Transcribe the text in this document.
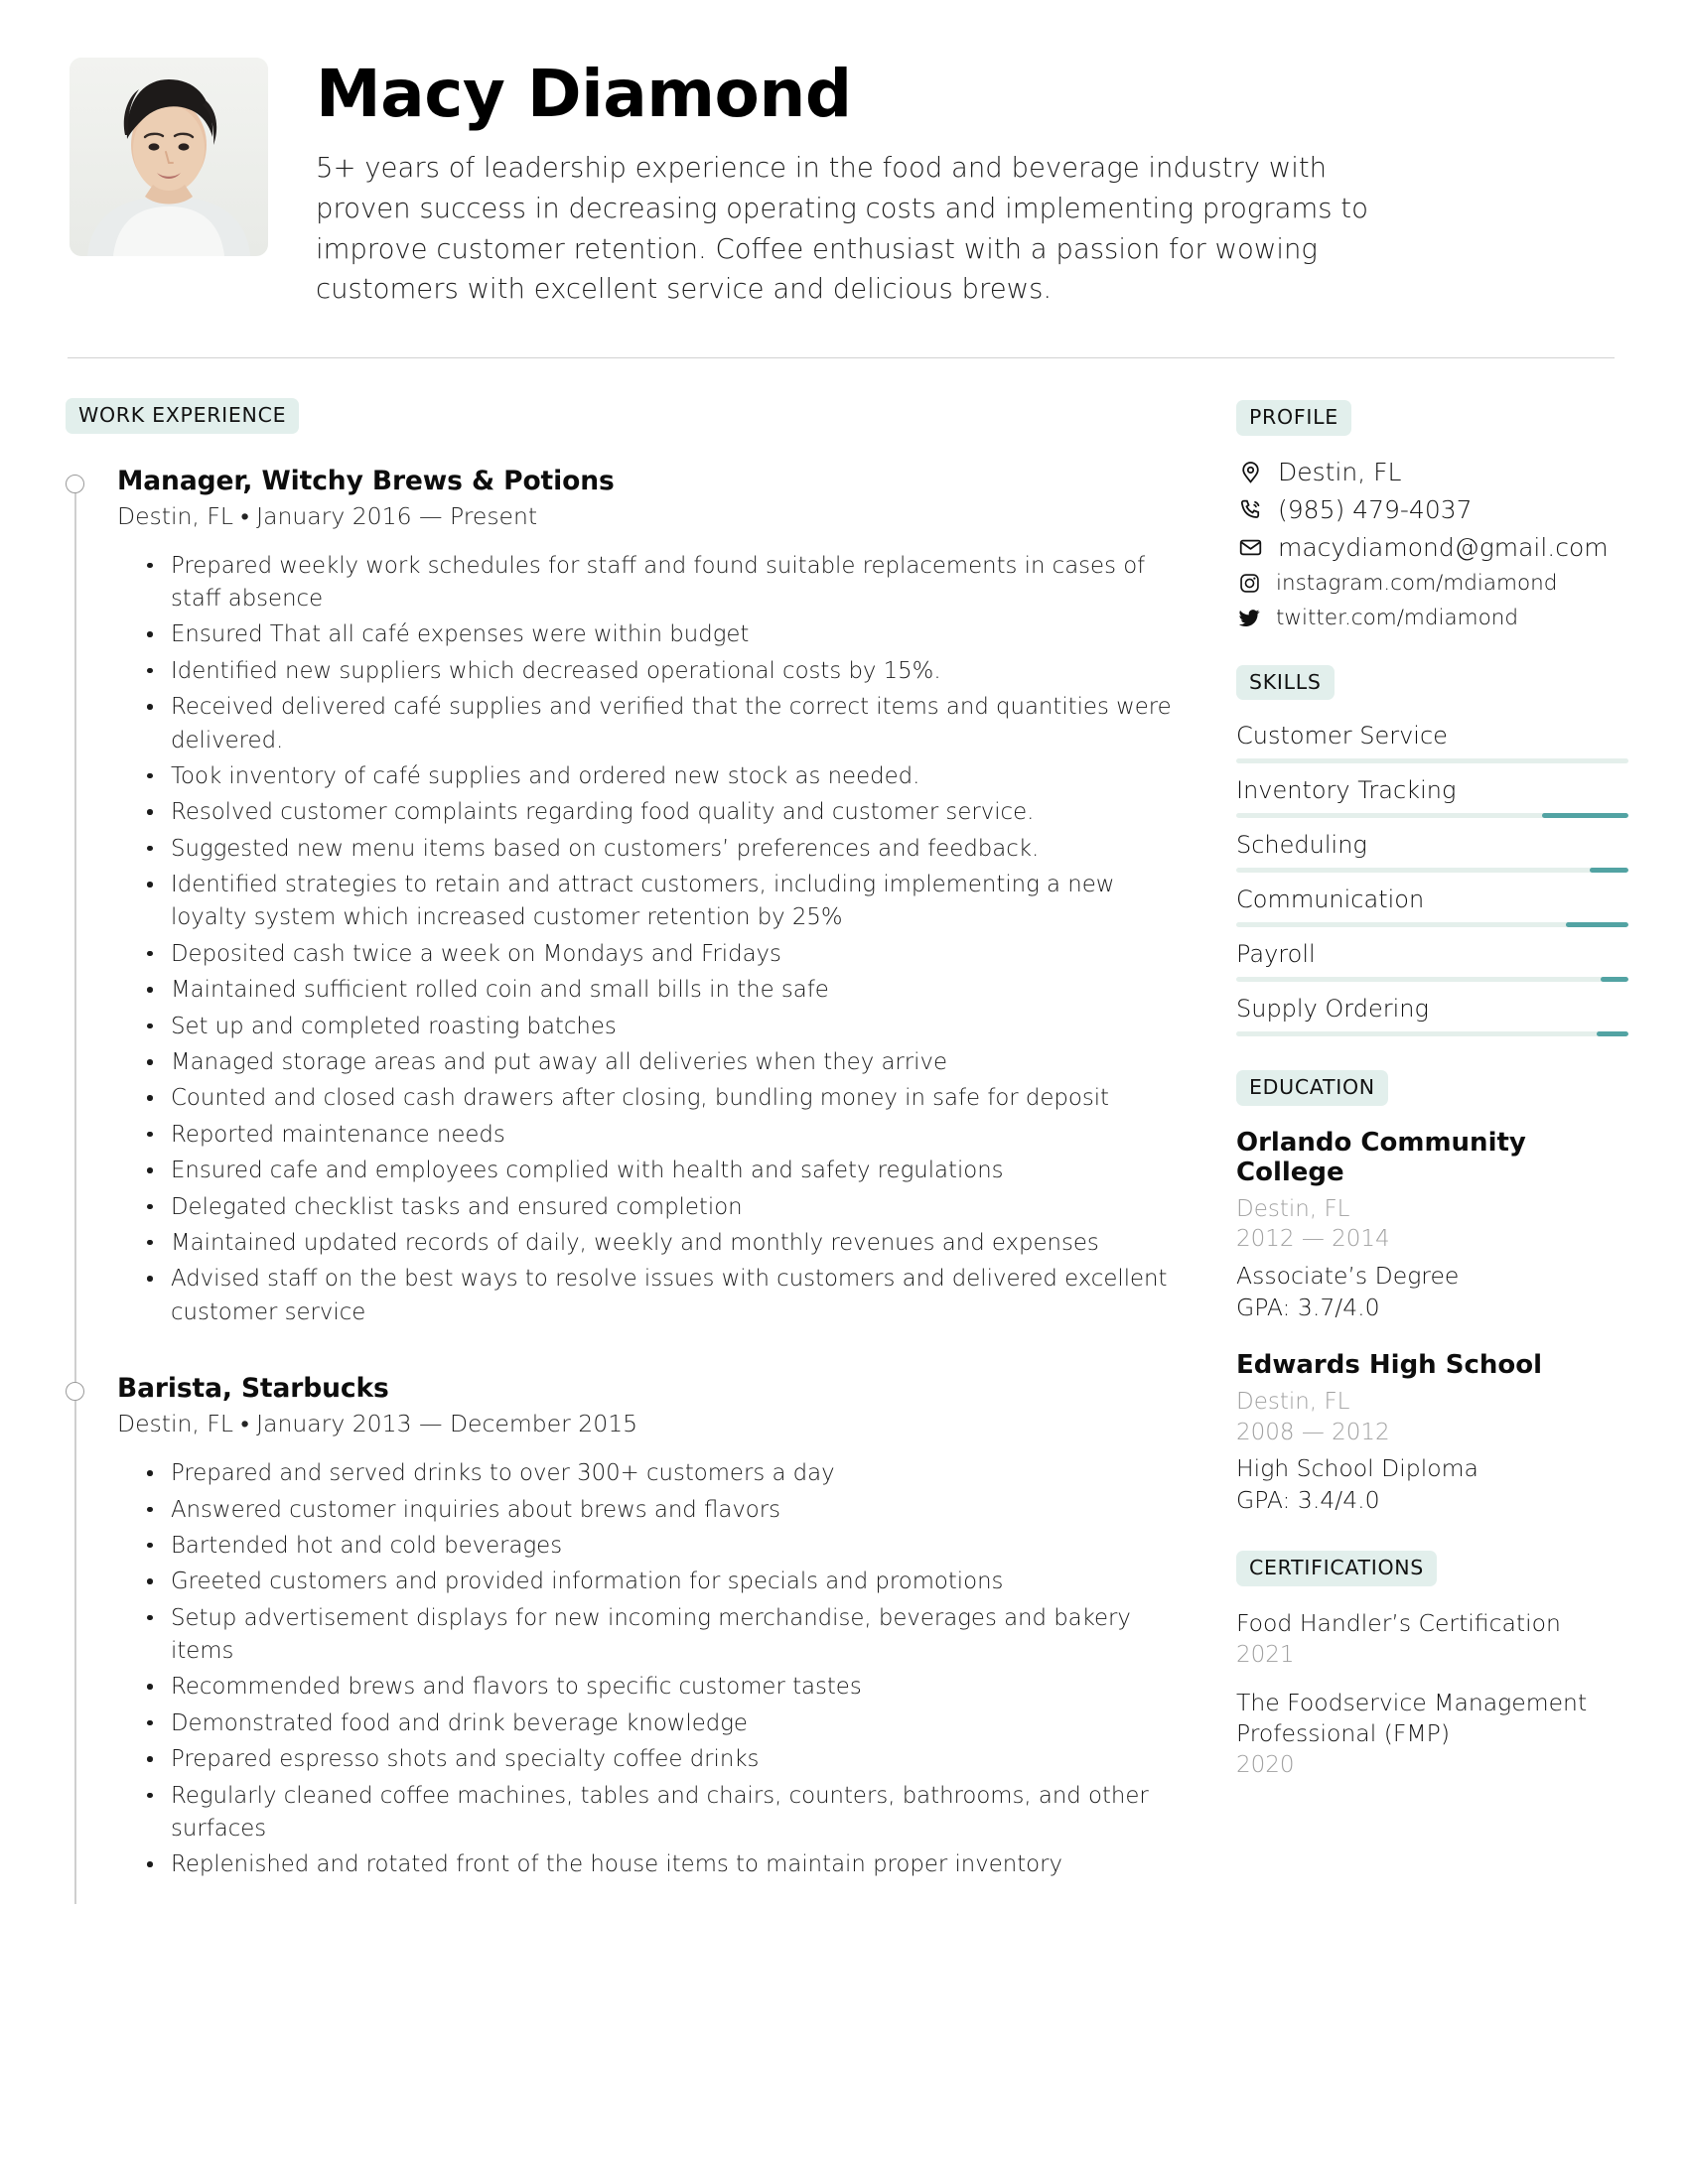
Macy Diamond
5+ years of leadership experience in the food and beverage industry with proven success in decreasing operating costs and implementing programs to improve customer retention. Coffee enthusiast with a passion for wowing customers with excellent service and delicious brews.
WORK EXPERIENCE
Manager, Witchy Brews & Potions
Destin, FL • January 2016 — Present
Prepared weekly work schedules for staff and found suitable replacements in cases of staff absence
Ensured That all café expenses were within budget
Identified new suppliers which decreased operational costs by 15%.
Received delivered café supplies and verified that the correct items and quantities were delivered.
Took inventory of café supplies and ordered new stock as needed.
Resolved customer complaints regarding food quality and customer service.
Suggested new menu items based on customers’ preferences and feedback.
Identified strategies to retain and attract customers, including implementing a new loyalty system which increased customer retention by 25%
Deposited cash twice a week on Mondays and Fridays
Maintained sufficient rolled coin and small bills in the safe
Set up and completed roasting batches
Managed storage areas and put away all deliveries when they arrive
Counted and closed cash drawers after closing, bundling money in safe for deposit
Reported maintenance needs
Ensured cafe and employees complied with health and safety regulations
Delegated checklist tasks and ensured completion
Maintained updated records of daily, weekly and monthly revenues and expenses
Advised staff on the best ways to resolve issues with customers and delivered excellent customer service
Barista, Starbucks
Destin, FL • January 2013 — December 2015
Prepared and served drinks to over 300+ customers a day
Answered customer inquiries about brews and flavors
Bartended hot and cold beverages
Greeted customers and provided information for specials and promotions
Setup advertisement displays for new incoming merchandise, beverages and bakery items
Recommended brews and flavors to specific customer tastes
Demonstrated food and drink beverage knowledge
Prepared espresso shots and specialty coffee drinks
Regularly cleaned coffee machines, tables and chairs, counters, bathrooms, and other surfaces
Replenished and rotated front of the house items to maintain proper inventory
PROFILE
Destin, FL
(985) 479-4037
macydiamond@gmail.com
instagram.com/mdiamond
twitter.com/mdiamond
SKILLS
Customer Service
Inventory Tracking
Scheduling
Communication
Payroll
Supply Ordering
EDUCATION
Orlando Community College
Destin, FL
2012 — 2014
Associate’s Degree
GPA: 3.7/4.0
Edwards High School
Destin, FL
2008 — 2012
High School Diploma
GPA: 3.4/4.0
CERTIFICATIONS
Food Handler’s Certification
2021
The Foodservice Management Professional (FMP)
2020
